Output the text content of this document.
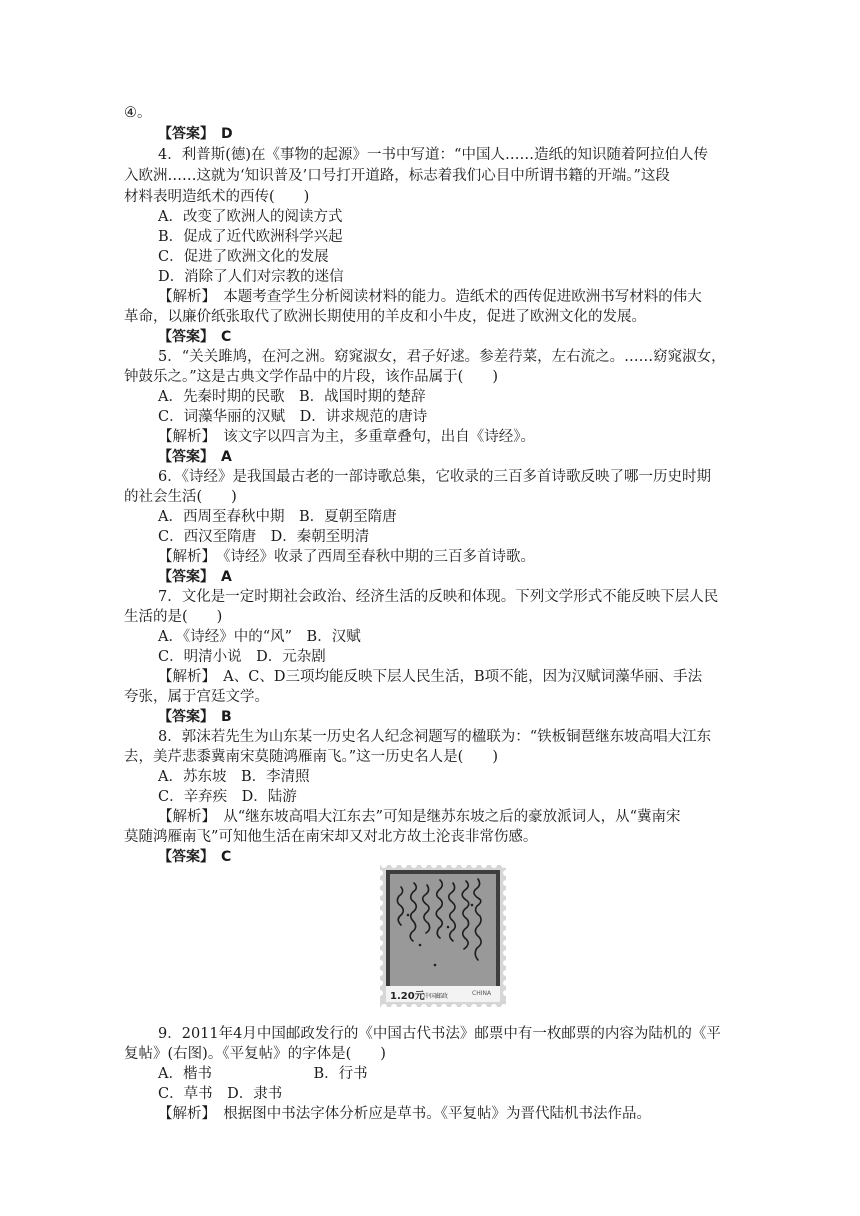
④。
【答案】　D
4．利普斯(德)在《事物的起源》一书中写道：“中国人……造纸的知识随着阿拉伯人传
入欧洲……这就为‘知识普及’口号打开道路，标志着我们心目中所谓书籍的开端。”这段
材料表明造纸术的西传(　　)
A．改变了欧洲人的阅读方式
B．促成了近代欧洲科学兴起
C．促进了欧洲文化的发展
D．消除了人们对宗教的迷信
【解析】　本题考查学生分析阅读材料的能力。造纸术的西传促进欧洲书写材料的伟大
革命，以廉价纸张取代了欧洲长期使用的羊皮和小牛皮，促进了欧洲文化的发展。
【答案】　C
5．“关关雎鸠，在河之洲。窈窕淑女，君子好逑。参差荇菜，左右流之。……窈窕淑女，
钟鼓乐之。”这是古典文学作品中的片段，该作品属于(　　)
A．先秦时期的民歌　B．战国时期的楚辞
C．词藻华丽的汉赋　D．讲求规范的唐诗
【解析】　该文字以四言为主，多重章叠句，出自《诗经》。
【答案】　A
6．《诗经》是我国最古老的一部诗歌总集，它收录的三百多首诗歌反映了哪一历史时期
的社会生活(　　)
A．西周至春秋中期　B．夏朝至隋唐
C．西汉至隋唐　D．秦朝至明清
【解析】　《诗经》收录了西周至春秋中期的三百多首诗歌。
【答案】　A
7．文化是一定时期社会政治、经济生活的反映和体现。下列文学形式不能反映下层人民
生活的是(　　)
A．《诗经》中的“风”　B．汉赋
C．明清小说　D．元杂剧
【解析】　A、C、D三项均能反映下层人民生活，B项不能，因为汉赋词藻华丽、手法
夸张，属于宫廷文学。
【答案】　B
8．郭沫若先生为山东某一历史名人纪念祠题写的楹联为：“铁板铜琶继东坡高唱大江东
去，美芹悲黍冀南宋莫随鸿雁南飞。”这一历史名人是(　　)
A．苏东坡　B．李清照
C．辛弃疾　D．陆游
【解析】　从“继东坡高唱大江东去”可知是继苏东坡之后的豪放派词人，从“冀南宋
莫随鸿雁南飞”可知他生活在南宋却又对北方故土沦丧非常伤感。
【答案】　C
1.20元 中国邮政	CHINA
9．2011年4月中国邮政发行的《中国古代书法》邮票中有一枚邮票的内容为陆机的《平
复帖》(右图)。《平复帖》的字体是(　　)
A．楷书　　　　　　　B．行书
C．草书　D．隶书
【解析】　根据图中书法字体分析应是草书。《平复帖》为晋代陆机书法作品。
